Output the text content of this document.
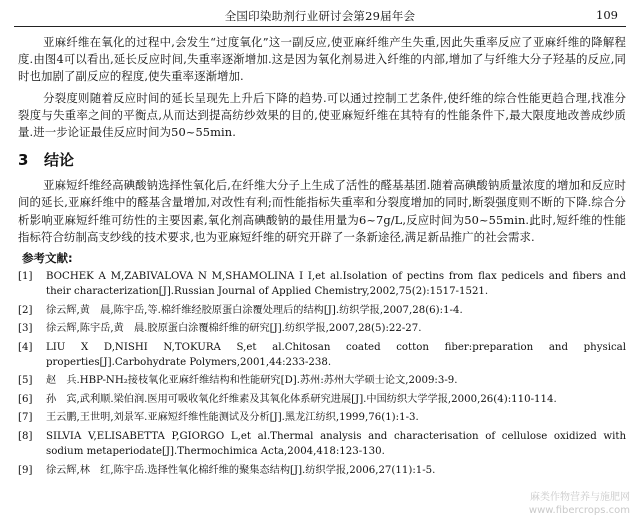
全国印染助剂行业研讨会第29届年会	109

亚麻纤维在氧化的过程中,会发生“过度氧化”这一副反应,使亚麻纤维产生失重,因此失重率反应了亚麻纤维的降解程度.由图4可以看出,延长反应时间,失重率逐渐增加.这是因为氧化剂易进入纤维的内部,增加了与纤维大分子羟基的反应,同时也加剧了副反应的程度,使失重率逐渐增加.

分裂度则随着反应时间的延长呈现先上升后下降的趋势.可以通过控制工艺条件,使纤维的综合性能更趋合理,找准分裂度与失重率之间的平衡点,从而达到提高纺纱效果的目的,使亚麻短纤维在其特有的性能条件下,最大限度地改善成纱质量.进一步论证最佳反应时间为50~55min.

3 结论

亚麻短纤维经高碘酸钠选择性氧化后,在纤维大分子上生成了活性的醛基基团.随着高碘酸钠质量浓度的增加和反应时间的延长,亚麻纤维中的醛基含量增加,对改性有利;而性能指标失重率和分裂度增加的同时,断裂强度则不断的下降.综合分析影响亚麻短纤维可纺性的主要因素,氧化剂高碘酸钠的最佳用量为6~7g/L,反应时间为50~55min.此时,短纤维的性能指标符合纺制高支纱线的技术要求,也为亚麻短纤维的研究开辟了一条新途径,满足新品推广的社会需求.

参考文献:
[1] BOCHEK A M,ZABIVALOVA N M,SHAMOLINA I I,et al.Isolation of pectins from flax pedicels and fibers and their characterization[J].Russian Journal of Applied Chemistry,2002,75(2):1517-1521.
[2] 徐云辉,黄　晨,陈宇岳,等.棉纤维经胶原蛋白涂覆处理后的结构[J].纺织学报,2007,28(6):1-4.
[3] 徐云辉,陈宇岳,黄　晨.胶原蛋白涂覆棉纤维的研究[J].纺织学报,2007,28(5):22-27.
[4] LIU X D,NISHI N,TOKURA S,et al.Chitosan coated cotton fiber:preparation and physical properties[J].Carbohydrate Polymers,2001,44:233-238.
[5] 赵　兵.HBP-NH₂接枝氧化亚麻纤维结构和性能研究[D].苏州:苏州大学硕士论文,2009:3-9.
[6] 孙　宾,武利顺.梁伯润.医用可吸收氧化纤维素及其氧化体系研究进展[J].中国纺织大学学报,2000,26(4):110-114.
[7] 王云鹏,王世明,刘景军.亚麻短纤维性能测试及分析[J].黑龙江纺织,1999,76(1):1-3.
[8] SILVIA V,ELISABETTA P,GIORGO L,et al.Thermal analysis and characterisation of cellulose oxidized with sodium metaperiodate[J].Thermochimica Acta,2004,418:123-130.
[9] 徐云辉,林　红,陈宇岳.选择性氧化棉纤维的聚集态结构[J].纺织学报,2006,27(11):1-5.
麻类作物营养与施肥网
www.fibercrops.com
